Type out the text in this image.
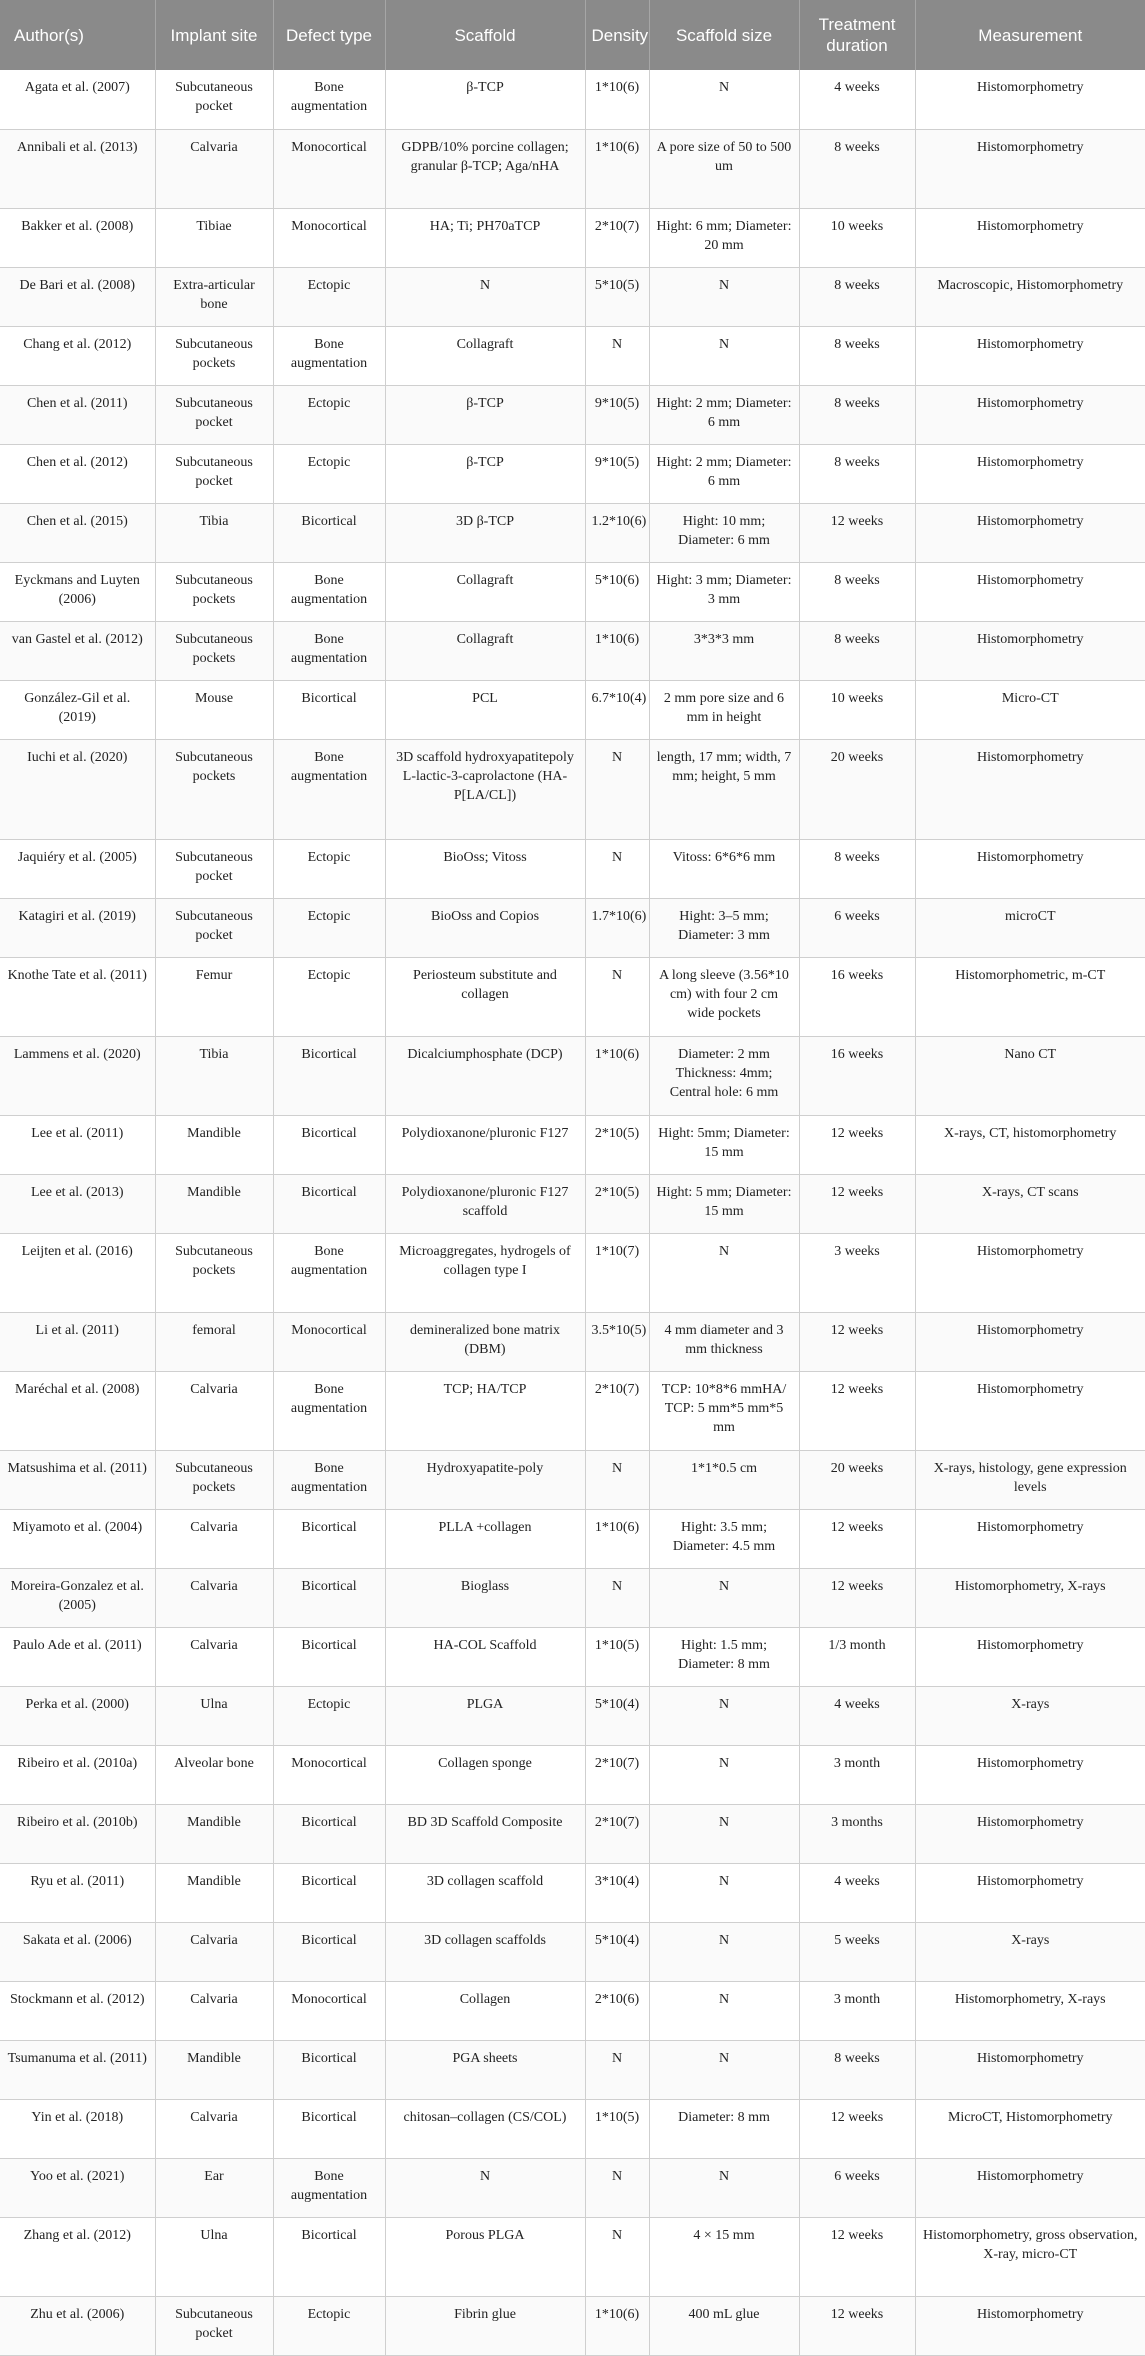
Author(s)	Implant site	Defect type	Scaffold	Density	Scaffold size	Treatment duration	Measurement
Agata et al. (2007)	Subcutaneous pocket	Bone augmentation	β-TCP	1*10(6)	N	4 weeks	Histomorphometry
Annibali et al. (2013)	Calvaria	Monocortical	GDPB/10% porcine collagen; granular β-TCP; Aga/nHA	1*10(6)	A pore size of 50 to 500 um	8 weeks	Histomorphometry
Bakker et al. (2008)	Tibiae	Monocortical	HA; Ti; PH70aTCP	2*10(7)	Hight: 6 mm; Diameter: 20 mm	10 weeks	Histomorphometry
De Bari et al. (2008)	Extra-articular bone	Ectopic	N	5*10(5)	N	8 weeks	Macroscopic, Histomorphometry
Chang et al. (2012)	Subcutaneous pockets	Bone augmentation	Collagraft	N	N	8 weeks	Histomorphometry
Chen et al. (2011)	Subcutaneous pocket	Ectopic	β-TCP	9*10(5)	Hight: 2 mm; Diameter: 6 mm	8 weeks	Histomorphometry
Chen et al. (2012)	Subcutaneous pocket	Ectopic	β-TCP	9*10(5)	Hight: 2 mm; Diameter: 6 mm	8 weeks	Histomorphometry
Chen et al. (2015)	Tibia	Bicortical	3D β-TCP	1.2*10(6)	Hight: 10 mm; Diameter: 6 mm	12 weeks	Histomorphometry
Eyckmans and Luyten (2006)	Subcutaneous pockets	Bone augmentation	Collagraft	5*10(6)	Hight: 3 mm; Diameter: 3 mm	8 weeks	Histomorphometry
van Gastel et al. (2012)	Subcutaneous pockets	Bone augmentation	Collagraft	1*10(6)	3*3*3 mm	8 weeks	Histomorphometry
González-Gil et al. (2019)	Mouse	Bicortical	PCL	6.7*10(4)	2 mm pore size and 6 mm in height	10 weeks	Micro-CT
Iuchi et al. (2020)	Subcutaneous pockets	Bone augmentation	3D scaffold hydroxyapatitepoly L-lactic-3-caprolactone (HA-P[LA/CL])	N	length, 17 mm; width, 7 mm; height, 5 mm	20 weeks	Histomorphometry
Jaquiéry et al. (2005)	Subcutaneous pocket	Ectopic	BioOss; Vitoss	N	Vitoss: 6*6*6 mm	8 weeks	Histomorphometry
Katagiri et al. (2019)	Subcutaneous pocket	Ectopic	BioOss and Copios	1.7*10(6)	Hight: 3–5 mm; Diameter: 3 mm	6 weeks	microCT
Knothe Tate et al. (2011)	Femur	Ectopic	Periosteum substitute and collagen	N	A long sleeve (3.56*10 cm) with four 2 cm wide pockets	16 weeks	Histomorphometric, m-CT
Lammens et al. (2020)	Tibia	Bicortical	Dicalciumphosphate (DCP)	1*10(6)	Diameter: 2 mm Thickness: 4mm; Central hole: 6 mm	16 weeks	Nano CT
Lee et al. (2011)	Mandible	Bicortical	Polydioxanone/pluronic F127	2*10(5)	Hight: 5mm; Diameter: 15 mm	12 weeks	X-rays, CT, histomorphometry
Lee et al. (2013)	Mandible	Bicortical	Polydioxanone/pluronic F127 scaffold	2*10(5)	Hight: 5 mm; Diameter: 15 mm	12 weeks	X-rays, CT scans
Leijten et al. (2016)	Subcutaneous pockets	Bone augmentation	Microaggregates, hydrogels of collagen type I	1*10(7)	N	3 weeks	Histomorphometry
Li et al. (2011)	femoral	Monocortical	demineralized bone matrix (DBM)	3.5*10(5)	4 mm diameter and 3 mm thickness	12 weeks	Histomorphometry
Maréchal et al. (2008)	Calvaria	Bone augmentation	TCP; HA/TCP	2*10(7)	TCP: 10*8*6 mmHA/ TCP: 5 mm*5 mm*5 mm	12 weeks	Histomorphometry
Matsushima et al. (2011)	Subcutaneous pockets	Bone augmentation	Hydroxyapatite-poly	N	1*1*0.5 cm	20 weeks	X-rays, histology, gene expression levels
Miyamoto et al. (2004)	Calvaria	Bicortical	PLLA +collagen	1*10(6)	Hight: 3.5 mm; Diameter: 4.5 mm	12 weeks	Histomorphometry
Moreira-Gonzalez et al. (2005)	Calvaria	Bicortical	Bioglass	N	N	12 weeks	Histomorphometry, X-rays
Paulo Ade et al. (2011)	Calvaria	Bicortical	HA-COL Scaffold	1*10(5)	Hight: 1.5 mm; Diameter: 8 mm	1/3 month	Histomorphometry
Perka et al. (2000)	Ulna	Ectopic	PLGA	5*10(4)	N	4 weeks	X-rays
Ribeiro et al. (2010a)	Alveolar bone	Monocortical	Collagen sponge	2*10(7)	N	3 month	Histomorphometry
Ribeiro et al. (2010b)	Mandible	Bicortical	BD 3D Scaffold Composite	2*10(7)	N	3 months	Histomorphometry
Ryu et al. (2011)	Mandible	Bicortical	3D collagen scaffold	3*10(4)	N	4 weeks	Histomorphometry
Sakata et al. (2006)	Calvaria	Bicortical	3D collagen scaffolds	5*10(4)	N	5 weeks	X-rays
Stockmann et al. (2012)	Calvaria	Monocortical	Collagen	2*10(6)	N	3 month	Histomorphometry, X-rays
Tsumanuma et al. (2011)	Mandible	Bicortical	PGA sheets	N	N	8 weeks	Histomorphometry
Yin et al. (2018)	Calvaria	Bicortical	chitosan–collagen (CS/COL)	1*10(5)	Diameter: 8 mm	12 weeks	MicroCT, Histomorphometry
Yoo et al. (2021)	Ear	Bone augmentation	N	N	N	6 weeks	Histomorphometry
Zhang et al. (2012)	Ulna	Bicortical	Porous PLGA	N	4 × 15 mm	12 weeks	Histomorphometry, gross observation, X-ray, micro-CT
Zhu et al. (2006)	Subcutaneous pocket	Ectopic	Fibrin glue	1*10(6)	400 mL glue	12 weeks	Histomorphometry
